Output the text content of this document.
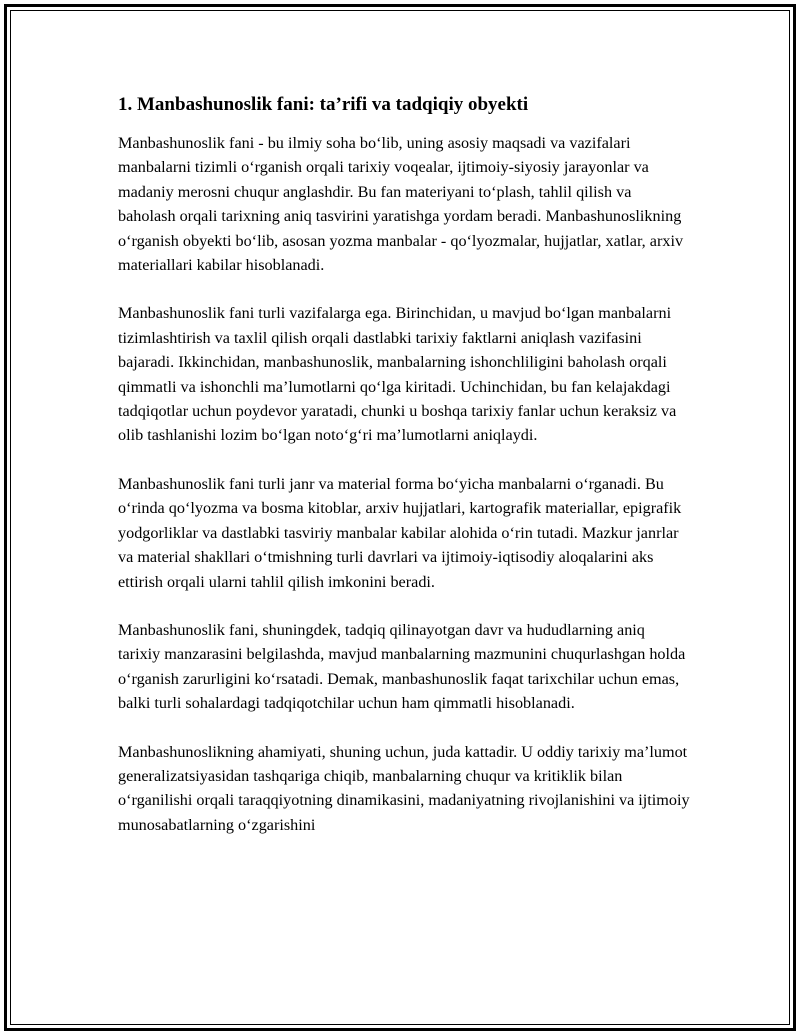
1. Manbashunoslik fani: ta’rifi va tadqiqiy obyekti

Manbashunoslik fani - bu ilmiy soha bo‘lib, uning asosiy maqsadi va vazifalari manbalarni tizimli o‘rganish orqali tarixiy voqealar, ijtimoiy-siyosiy jarayonlar va madaniy merosni chuqur anglashdir. Bu fan materiyani to‘plash, tahlil qilish va baholash orqali tarixning aniq tasvirini yaratishga yordam beradi. Manbashunoslikning o‘rganish obyekti bo‘lib, asosan yozma manbalar - qo‘lyozmalar, hujjatlar, xatlar, arxiv materiallari kabilar hisoblanadi.

Manbashunoslik fani turli vazifalarga ega. Birinchidan, u mavjud bo‘lgan manbalarni tizimlashtirish va taxlil qilish orqali dastlabki tarixiy faktlarni aniqlash vazifasini bajaradi. Ikkinchidan, manbashunoslik, manbalarning ishonchliligini baholash orqali qimmatli va ishonchli ma’lumotlarni qo‘lga kiritadi. Uchinchidan, bu fan kelajakdagi tadqiqotlar uchun poydevor yaratadi, chunki u boshqa tarixiy fanlar uchun keraksiz va olib tashlanishi lozim bo‘lgan noto‘g‘ri ma’lumotlarni aniqlaydi.

Manbashunoslik fani turli janr va material forma bo‘yicha manbalarni o‘rganadi. Bu o‘rinda qo‘lyozma va bosma kitoblar, arxiv hujjatlari, kartografik materiallar, epigrafik yodgorliklar va dastlabki tasviriy manbalar kabilar alohida o‘rin tutadi. Mazkur janrlar va material shakllari o‘tmishning turli davrlari va ijtimoiy-iqtisodiy aloqalarini aks ettirish orqali ularni tahlil qilish imkonini beradi.

Manbashunoslik fani, shuningdek, tadqiq qilinayotgan davr va hududlarning aniq tarixiy manzarasini belgilashda, mavjud manbalarning mazmunini chuqurlashgan holda o‘rganish zarurligini ko‘rsatadi. Demak, manbashunoslik faqat tarixchilar uchun emas, balki turli sohalardagi tadqiqotchilar uchun ham qimmatli hisoblanadi.

Manbashunoslikning ahamiyati, shuning uchun, juda kattadir. U oddiy tarixiy ma’lumot generalizatsiyasidan tashqariga chiqib, manbalarning chuqur va kritiklik bilan o‘rganilishi orqali taraqqiyotning dinamikasini, madaniyatning rivojlanishini va ijtimoiy munosabatlarning o‘zgarishini
